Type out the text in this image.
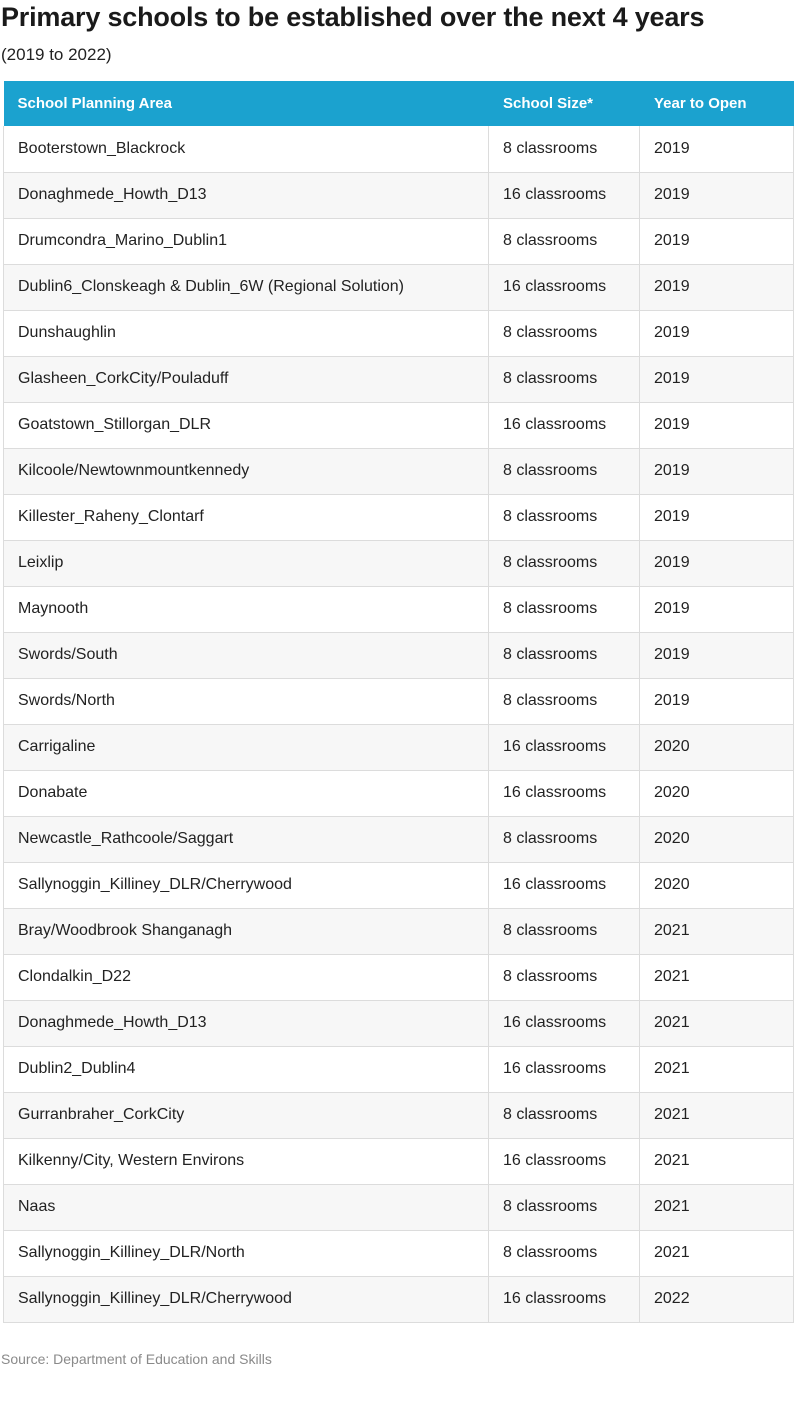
Primary schools to be established over the next 4 years

(2019 to 2022)

School Planning Area	School Size*	Year to Open
Booterstown_Blackrock	8 classrooms	2019
Donaghmede_Howth_D13	16 classrooms	2019
Drumcondra_Marino_Dublin1	8 classrooms	2019
Dublin6_Clonskeagh & Dublin_6W (Regional Solution)	16 classrooms	2019
Dunshaughlin	8 classrooms	2019
Glasheen_CorkCity/Pouladuff	8 classrooms	2019
Goatstown_Stillorgan_DLR	16 classrooms	2019
Kilcoole/Newtownmountkennedy	8 classrooms	2019
Killester_Raheny_Clontarf	8 classrooms	2019
Leixlip	8 classrooms	2019
Maynooth	8 classrooms	2019
Swords/South	8 classrooms	2019
Swords/North	8 classrooms	2019
Carrigaline	16 classrooms	2020
Donabate	16 classrooms	2020
Newcastle_Rathcoole/Saggart	8 classrooms	2020
Sallynoggin_Killiney_DLR/Cherrywood	16 classrooms	2020
Bray/Woodbrook Shanganagh	8 classrooms	2021
Clondalkin_D22	8 classrooms	2021
Donaghmede_Howth_D13	16 classrooms	2021
Dublin2_Dublin4	16 classrooms	2021
Gurranbraher_CorkCity	8 classrooms	2021
Kilkenny/City, Western Environs	16 classrooms	2021
Naas	8 classrooms	2021
Sallynoggin_Killiney_DLR/North	8 classrooms	2021
Sallynoggin_Killiney_DLR/Cherrywood	16 classrooms	2022
Source: Department of Education and Skills
